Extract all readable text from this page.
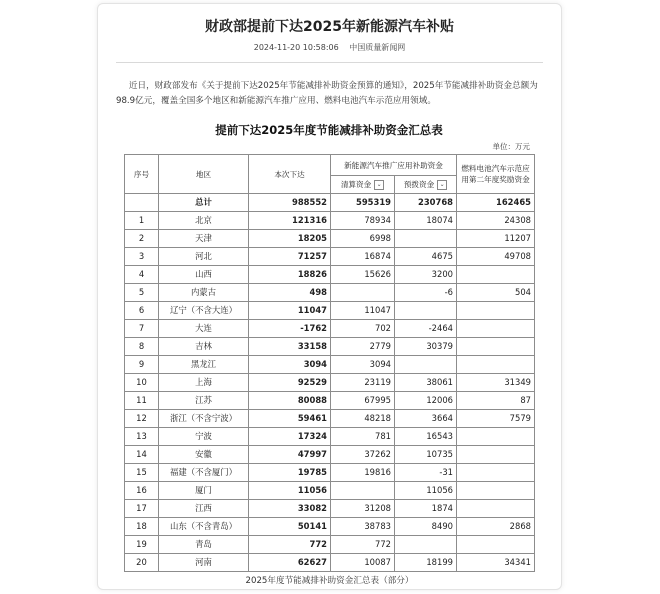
财政部提前下达2025年新能源汽车补贴
2024-11-20 10:58:06 中国质量新闻网
近日，财政部发布《关于提前下达2025年节能减排补助资金预算的通知》，2025年节能减排补助资金总额为98.9亿元，覆盖全国多个地区和新能源汽车推广应用、燃料电池汽车示范应用领域。
提前下达2025年度节能减排补助资金汇总表
单位：万元
序号	地区	本次下达	新能源汽车推广应用补助资金		燃料电池汽车示范应用第二年度奖励资金
			清算资金 ⌄	预拨资金 ⌄	
	总计	988552	595319	230768	162465
1	北京	121316	78934	18074	24308
2	天津	18205	6998		11207
3	河北	71257	16874	4675	49708
4	山西	18826	15626	3200	
5	内蒙古	498		-6	504
6	辽宁（不含大连）	11047	11047		
7	大连	-1762	702	-2464	
8	吉林	33158	2779	30379	
9	黑龙江	3094	3094		
10	上海	92529	23119	38061	31349
11	江苏	80088	67995	12006	87
12	浙江（不含宁波）	59461	48218	3664	7579
13	宁波	17324	781	16543	
14	安徽	47997	37262	10735	
15	福建（不含厦门）	19785	19816	-31	
16	厦门	11056		11056	
17	江西	33082	31208	1874	
18	山东（不含青岛）	50141	38783	8490	2868
19	青岛	772	772		
20	河南	62627	10087	18199	34341
2025年度节能减排补助资金汇总表（部分）
